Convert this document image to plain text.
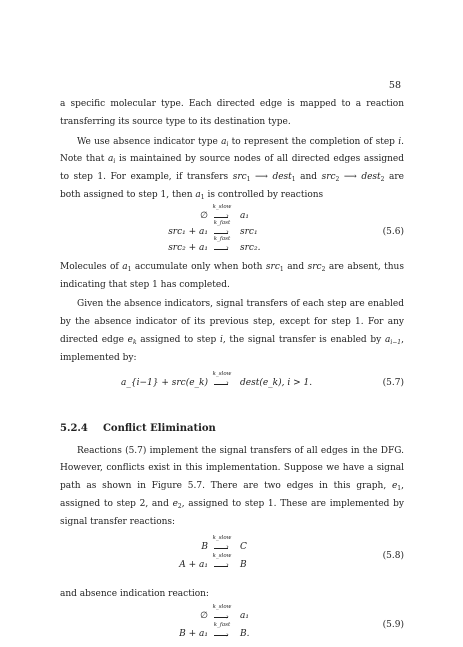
58

a specific molecular type. Each directed edge is mapped to a reaction transferring its source type to its destination type.

We use absence indicator type $a_i$ to represent the completion of step i. Note that $a_i$ is maintained by source nodes of all directed edges assigned to step 1. For example, if transfers src$_1$ ⟶ dest$_1$ and src$_2$ ⟶ dest$_2$ are both assigned to step 1, then $a_1$ is controlled by reactions

∅
k_slow
› a₁
src₁ + a₁
k_fast
› src₁	(5.6)
src₂ + a₁
k_fast
› src₂.

Molecules of $a_1$ accumulate only when both src$_1$ and src$_2$ are absent, thus indicating that step 1 has completed.

Given the absence indicators, signal transfers of each step are enabled by the absence indicator of its previous step, except for step 1. For any directed edge $e_k$ assigned to step i, the signal transfer is enabled by $a_{i-1}$, implemented by:

a_{i−1} + src(e_k)
k_slow
› dest(e_k), i > 1.	(5.7)
5.2.4 Conflict Elimination

Reactions (5.7) implement the signal transfers of all edges in the DFG. However, conflicts exist in this implementation. Suppose we have a signal path as shown in Figure 5.7. There are two edges in this graph, $e_1$, assigned to step 2, and $e_2$, assigned to step 1. These are implemented by signal transfer reactions:

B
k_slow
› C
A + a₁
k_slow
› B
(5.8)

and absence indication reaction:

∅
k_slow
› a₁
B + a₁
k_fast
› B.
(5.9)
